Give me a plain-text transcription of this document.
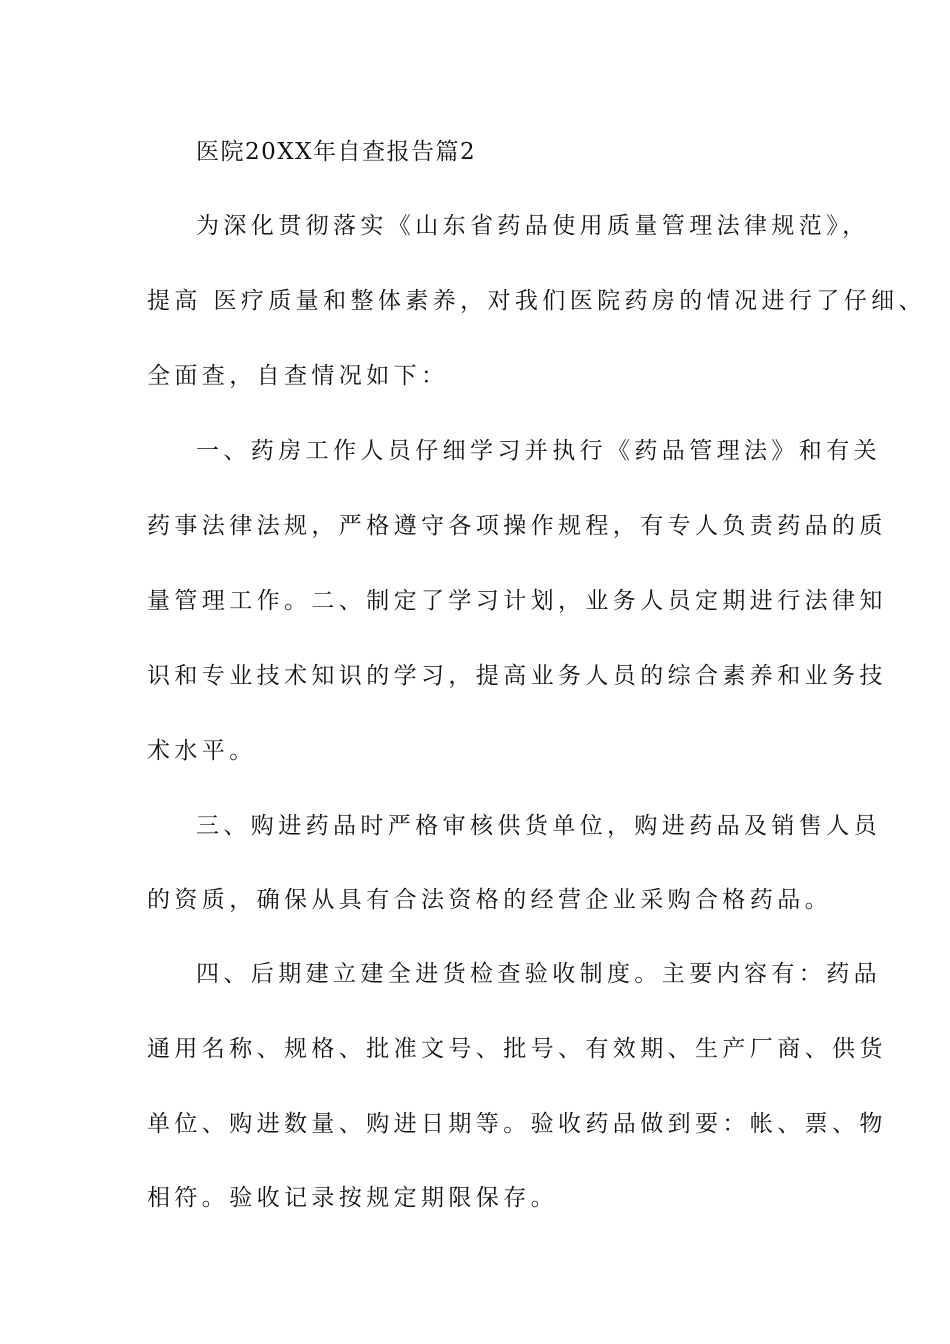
医院20XX年自查报告篇2
为深化贯彻落实《山东省药品使用质量管理法律规范》，
提高 医疗质量和整体素养，对我们医院药房的情况进行了仔细、
全面查，自查情况如下：
一、药房工作人员仔细学习并执行《药品管理法》和有关
药事法律法规，严格遵守各项操作规程，有专人负责药品的质
量管理工作。二、制定了学习计划，业务人员定期进行法律知
识和专业技术知识的学习，提高业务人员的综合素养和业务技
术水平。
三、购进药品时严格审核供货单位，购进药品及销售人员
的资质，确保从具有合法资格的经营企业采购合格药品。
四、后期建立建全进货检查验收制度。主要内容有：药品
通用名称、规格、批准文号、批号、有效期、生产厂商、供货
单位、购进数量、购进日期等。验收药品做到要：帐、票、物
相符。验收记录按规定期限保存。
